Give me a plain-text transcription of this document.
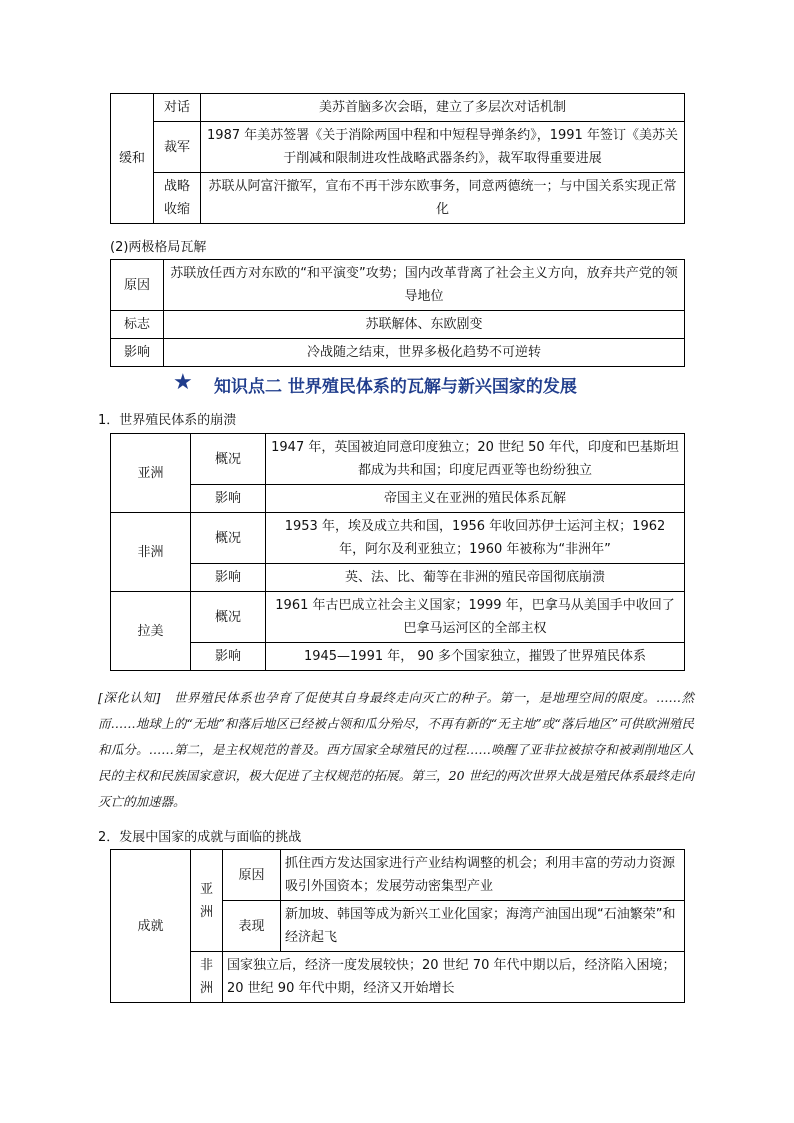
缓和	对话	美苏首脑多次会晤，建立了多层次对话机制
	裁军	1987 年美苏签署《关于消除两国中程和中短程导弹条约》，1991 年签订《美苏关于削减和限制进攻性战略武器条约》，裁军取得重要进展
	战略收缩	苏联从阿富汗撤军，宣布不再干涉东欧事务，同意两德统一；与中国关系实现正常化
(2)两极格局瓦解
原因	苏联放任西方对东欧的“和平演变”攻势；国内改革背离了社会主义方向，放弃共产党的领导地位
标志	苏联解体、东欧剧变
影响	冷战随之结束，世界多极化趋势不可逆转
★ 知识点二 世界殖民体系的瓦解与新兴国家的发展
1．世界殖民体系的崩溃
亚洲	概况	1947 年，英国被迫同意印度独立；20 世纪 50 年代，印度和巴基斯坦都成为共和国；印度尼西亚等也纷纷独立
	影响	帝国主义在亚洲的殖民体系瓦解
非洲	概况	1953 年，埃及成立共和国，1956 年收回苏伊士运河主权；1962 年，阿尔及利亚独立；1960 年被称为“非洲年”
	影响	英、法、比、葡等在非洲的殖民帝国彻底崩溃
拉美	概况	1961 年古巴成立社会主义国家；1999 年，巴拿马从美国手中收回了巴拿马运河区的全部主权
	影响	1945—1991 年， 90 多个国家独立，摧毁了世界殖民体系
[深化认知]　世界殖民体系也孕育了促使其自身最终走向灭亡的种子。第一，是地理空间的限度。……然而……地球上的“无地”和落后地区已经被占领和瓜分殆尽，不再有新的“无主地”或“落后地区”可供欧洲殖民和瓜分。……第二，是主权规范的普及。西方国家全球殖民的过程……唤醒了亚非拉被掠夺和被剥削地区人民的主权和民族国家意识，极大促进了主权规范的拓展。第三，20 世纪的两次世界大战是殖民体系最终走向灭亡的加速器。
2．发展中国家的成就与面临的挑战
成就	亚洲	原因	抓住西方发达国家进行产业结构调整的机会；利用丰富的劳动力资源吸引外国资本；发展劳动密集型产业
		表现	新加坡、韩国等成为新兴工业化国家；海湾产油国出现“石油繁荣”和经济起飞
	非洲	国家独立后，经济一度发展较快；20 世纪 70 年代中期以后，经济陷入困境；20 世纪 90 年代中期，经济又开始增长	
